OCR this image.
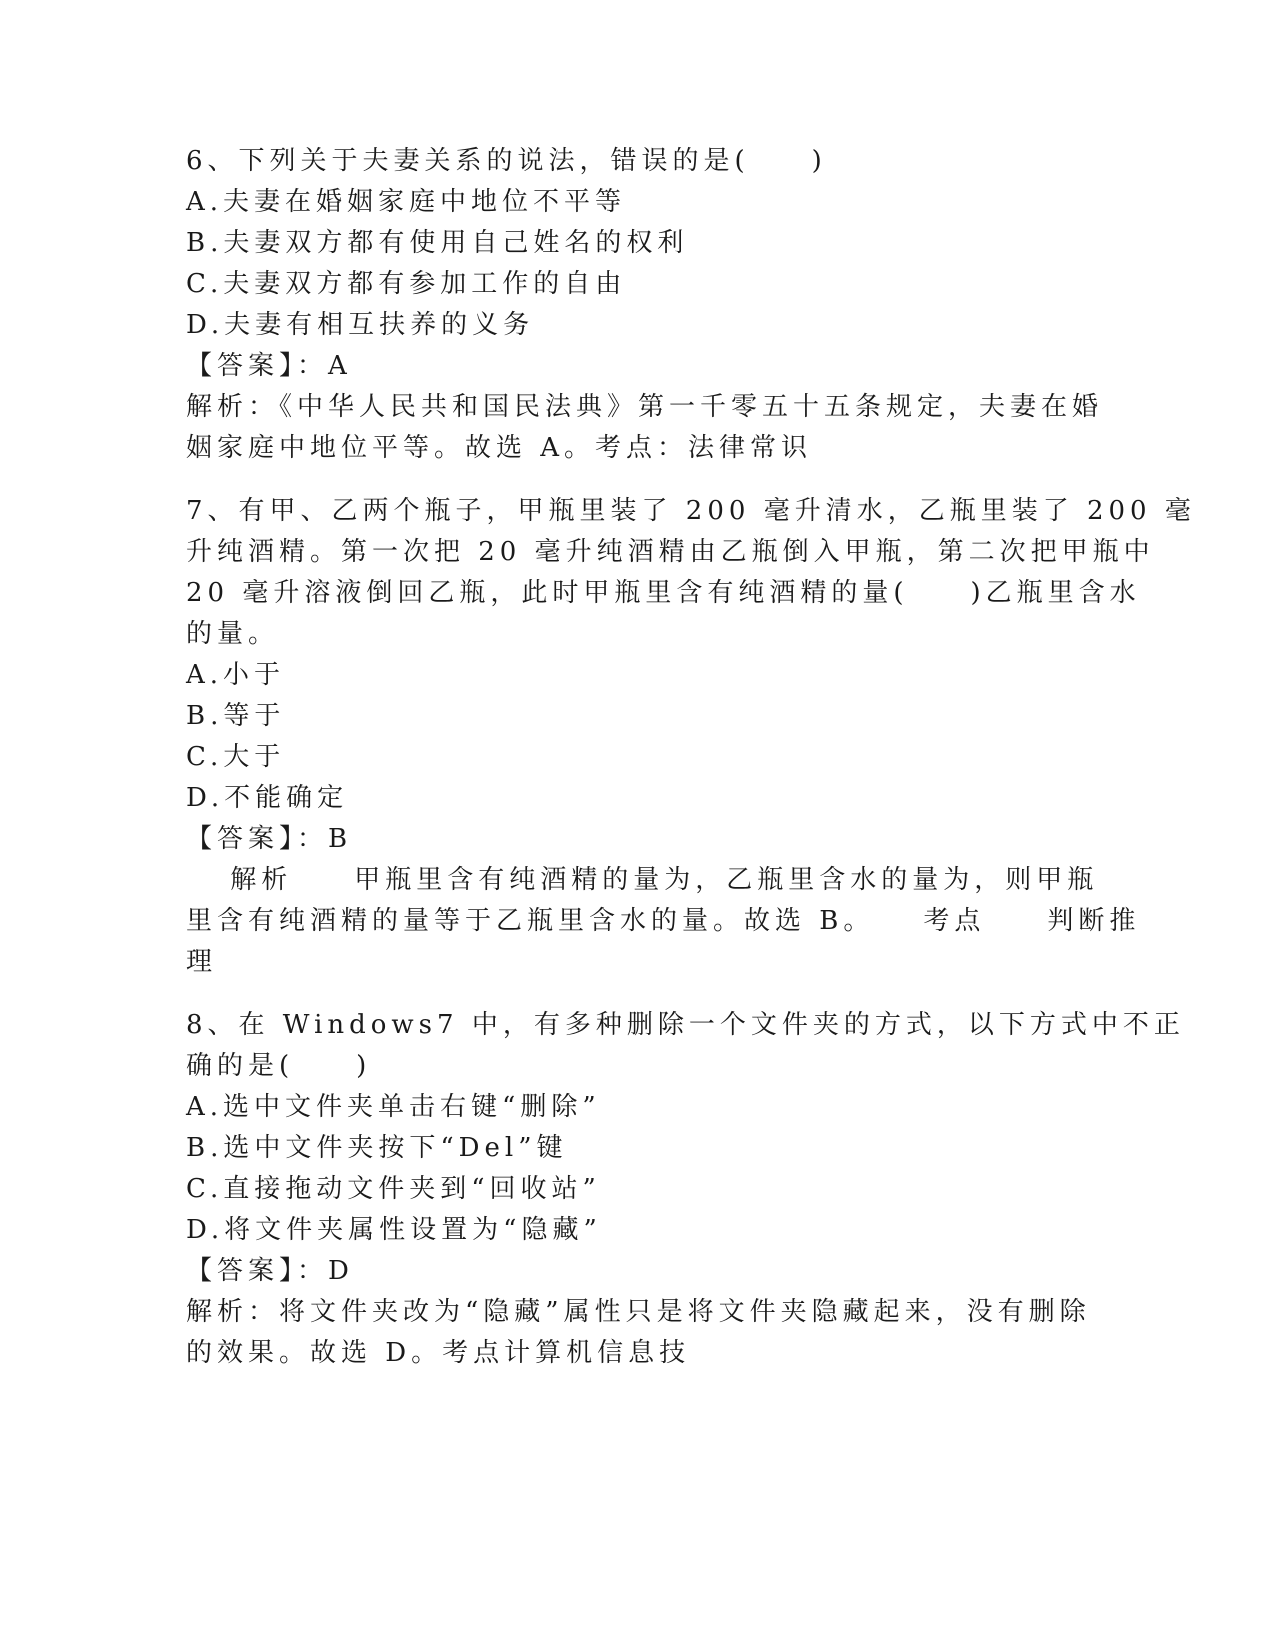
6、下列关于夫妻关系的说法，错误的是(　　)
A.夫妻在婚姻家庭中地位不平等
B.夫妻双方都有使用自己姓名的权利
C.夫妻双方都有参加工作的自由
D.夫妻有相互扶养的义务
【答案】：A
解析：《中华人民共和国民法典》第一千零五十五条规定，夫妻在婚
姻家庭中地位平等。故选 A。考点：法律常识
7、有甲、乙两个瓶子，甲瓶里装了 200 毫升清水，乙瓶里装了 200 毫
升纯酒精。第一次把 20 毫升纯酒精由乙瓶倒入甲瓶，第二次把甲瓶中
20 毫升溶液倒回乙瓶，此时甲瓶里含有纯酒精的量(　　)乙瓶里含水
的量。
A.小于
B.等于
C.大于
D.不能确定
【答案】：B
　 解析　　甲瓶里含有纯酒精的量为，乙瓶里含水的量为，则甲瓶
里含有纯酒精的量等于乙瓶里含水的量。故选 B。　　考点　　判断推
理
8、在 Windows7 中，有多种删除一个文件夹的方式，以下方式中不正
确的是(　　)
A.选中文件夹单击右键“删除”
B.选中文件夹按下“Del”键
C.直接拖动文件夹到“回收站”
D.将文件夹属性设置为“隐藏”
【答案】：D
解析：将文件夹改为“隐藏”属性只是将文件夹隐藏起来，没有删除
的效果。故选 D。考点计算机信息技
